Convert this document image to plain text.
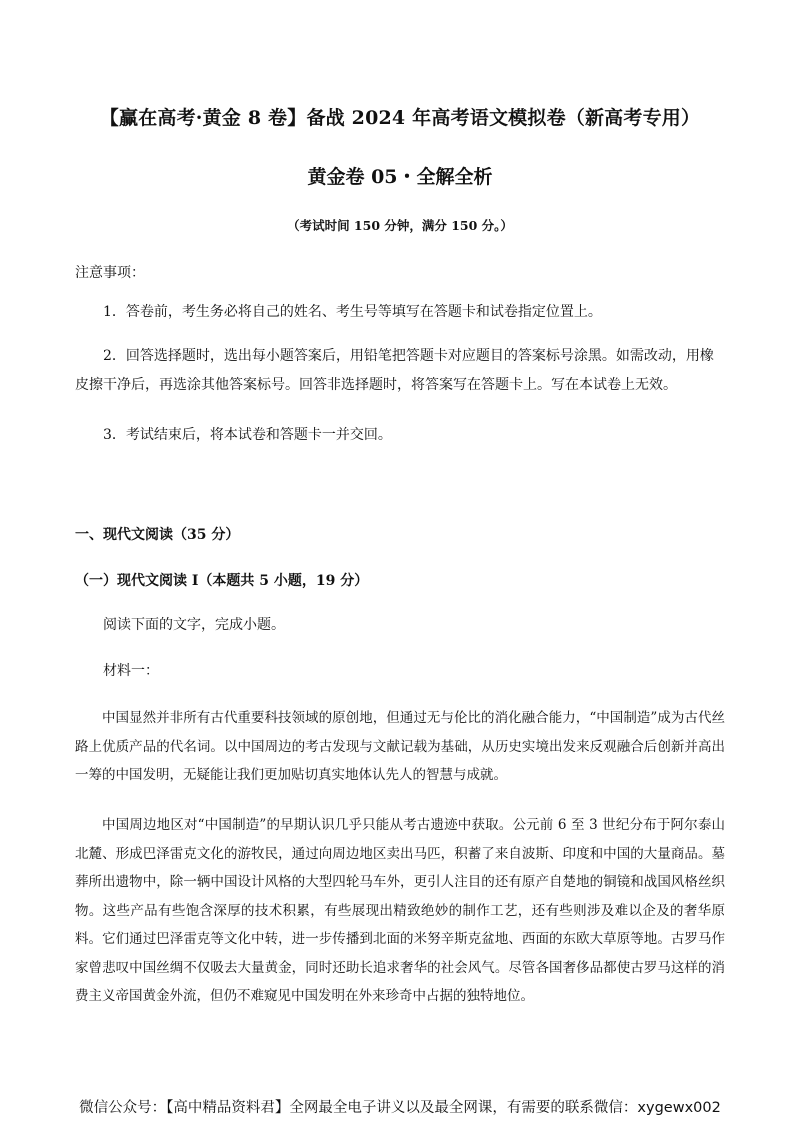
【赢在高考·黄金 8 卷】备战 2024 年高考语文模拟卷（新高考专用）
黄金卷 05・全解全析
（考试时间 150 分钟，满分 150 分。）
注意事项：

1．答卷前，考生务必将自己的姓名、考生号等填写在答题卡和试卷指定位置上。

2．回答选择题时，选出每小题答案后，用铅笔把答题卡对应题目的答案标号涂黑。如需改动，用橡皮擦干净后，再选涂其他答案标号。回答非选择题时，将答案写在答题卡上。写在本试卷上无效。

3．考试结束后，将本试卷和答题卡一并交回。

一、现代文阅读（35 分）
（一）现代文阅读 I（本题共 5 小题，19 分）
阅读下面的文字，完成小题。
材料一：

中国显然并非所有古代重要科技领域的原创地，但通过无与伦比的消化融合能力，“中国制造”成为古代丝路上优质产品的代名词。以中国周边的考古发现与文献记载为基础，从历史实境出发来反观融合后创新并高出一筹的中国发明，无疑能让我们更加贴切真实地体认先人的智慧与成就。

中国周边地区对“中国制造”的早期认识几乎只能从考古遗迹中获取。公元前 6 至 3 世纪分布于阿尔泰山北麓、形成巴泽雷克文化的游牧民，通过向周边地区卖出马匹，积蓄了来自波斯、印度和中国的大量商品。墓葬所出遗物中，除一辆中国设计风格的大型四轮马车外，更引人注目的还有原产自楚地的铜镜和战国风格丝织物。这些产品有些饱含深厚的技术积累，有些展现出精致绝妙的制作工艺，还有些则涉及难以企及的奢华原料。它们通过巴泽雷克等文化中转，进一步传播到北面的米努辛斯克盆地、西面的东欧大草原等地。古罗马作家曾悲叹中国丝绸不仅吸去大量黄金，同时还助长追求奢华的社会风气。尽管各国奢侈品都使古罗马这样的消费主义帝国黄金外流，但仍不难窥见中国发明在外来珍奇中占据的独特地位。

微信公众号：【高中精品资料君】全网最全电子讲义以及最全网课，有需要的联系微信：xygewx002
